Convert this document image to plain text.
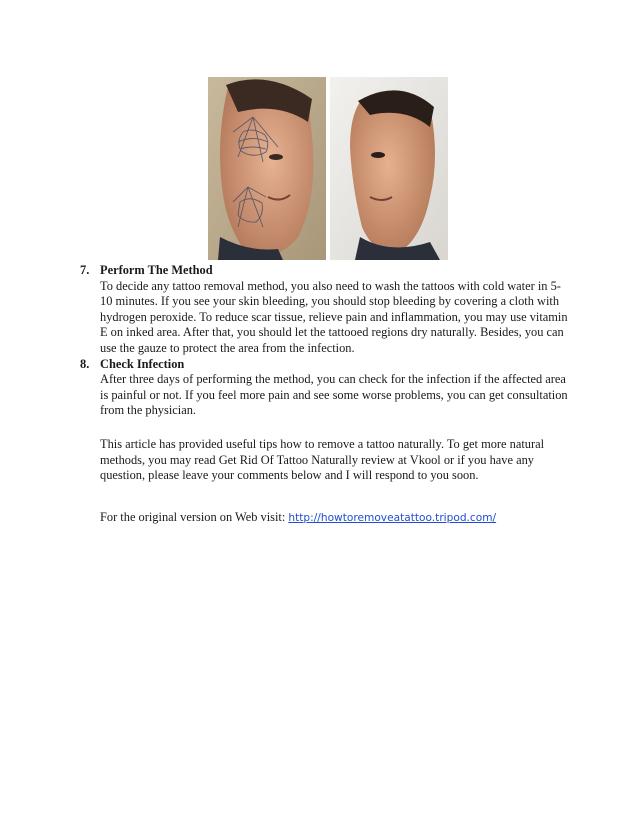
7. Perform The Method

To decide any tattoo removal method, you also need to wash the tattoos with cold water in 5-10 minutes. If you see your skin bleeding, you should stop bleeding by covering a cloth with hydrogen peroxide. To reduce scar tissue, relieve pain and inflammation, you may use vitamin E on inked area. After that, you should let the tattooed regions dry naturally. Besides, you can use the gauze to protect the area from the infection.

8. Check Infection

After three days of performing the method, you can check for the infection if the affected area is painful or not. If you feel more pain and see some worse problems, you can get consultation from the physician.

This article has provided useful tips how to remove a tattoo naturally. To get more natural methods, you may read Get Rid Of Tattoo Naturally review at Vkool or if you have any question, please leave your comments below and I will respond to you soon.

For the original version on Web visit: http://howtoremoveatattoo.tripod.com/
